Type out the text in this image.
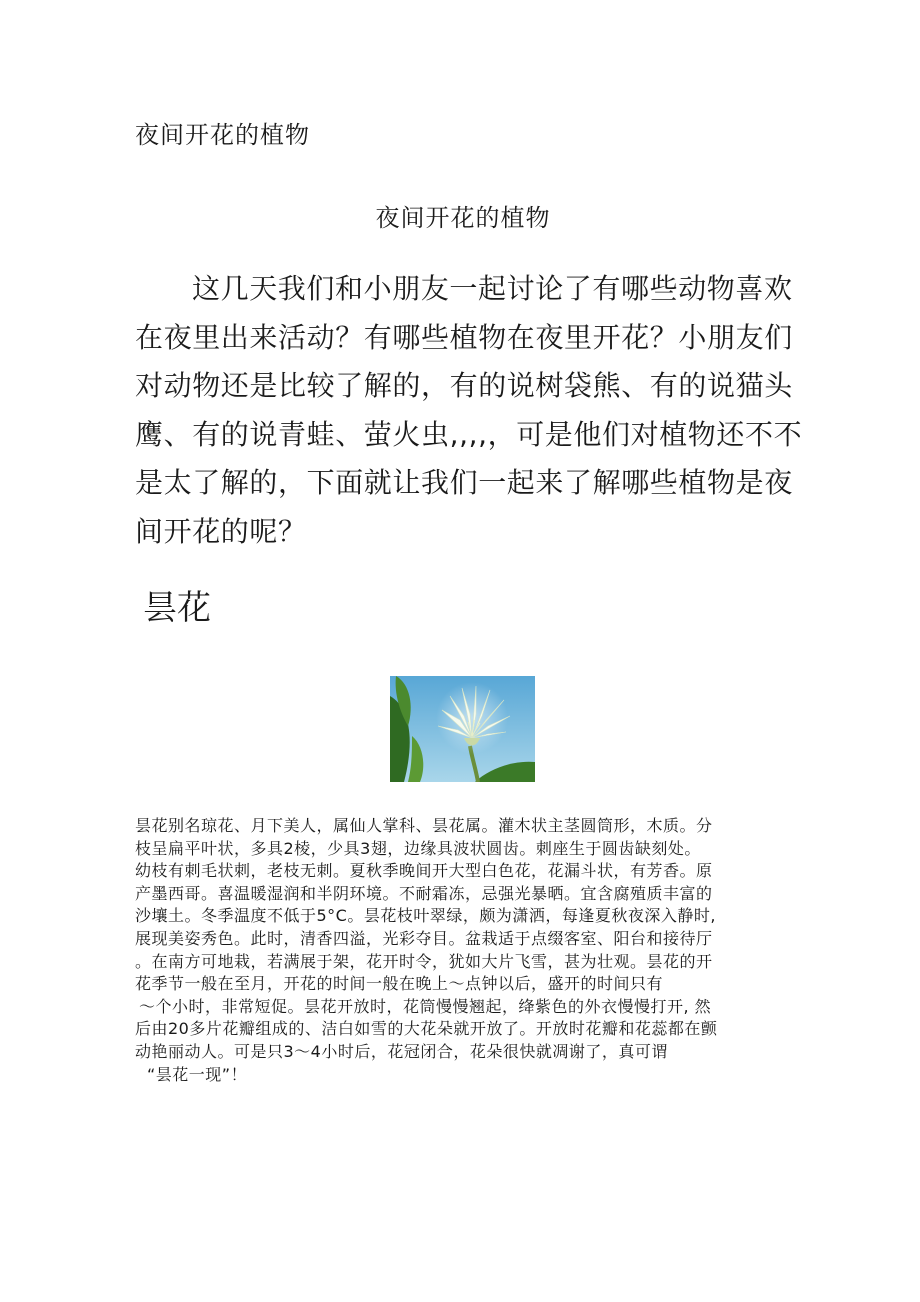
夜间开花的植物
夜间开花的植物
这几天我们和小朋友一起讨论了有哪些动物喜欢
在夜里出来活动？有哪些植物在夜里开花？小朋友们
对动物还是比较了解的，有的说树袋熊、有的说猫头
鹰、有的说青蛙、萤火虫,,,,，可是他们对植物还不不
是太了解的，下面就让我们一起来了解哪些植物是夜
间开花的呢？
昙花
昙花别名琼花、月下美人，属仙人掌科、昙花属。灌木状主茎圆筒形，木质。分
枝呈扁平叶状，多具2棱，少具3翅，边缘具波状圆齿。刺座生于圆齿缺刻处。
幼枝有刺毛状刺，老枝无刺。夏秋季晚间开大型白色花，花漏斗状，有芳香。原
产墨西哥。喜温暖湿润和半阴环境。不耐霜冻，忌强光暴晒。宜含腐殖质丰富的
沙壤土。冬季温度不低于5°C。昙花枝叶翠绿，颇为潇洒，每逢夏秋夜深入静时,
展现美姿秀色。此时，清香四溢，光彩夺目。盆栽适于点缀客室、阳台和接待厅
。在南方可地栽，若满展于架，花开时令，犹如大片飞雪，甚为壮观。昙花的开
花季节一般在至月，开花的时间一般在晚上～点钟以后，盛开的时间只有
～个小时，非常短促。昙花开放时，花筒慢慢翘起，绛紫色的外衣慢慢打开, 然
后由20多片花瓣组成的、洁白如雪的大花朵就开放了。开放时花瓣和花蕊都在颤
动艳丽动人。可是只3～4小时后，花冠闭合，花朵很快就凋谢了，真可谓
“昙花一现”！
